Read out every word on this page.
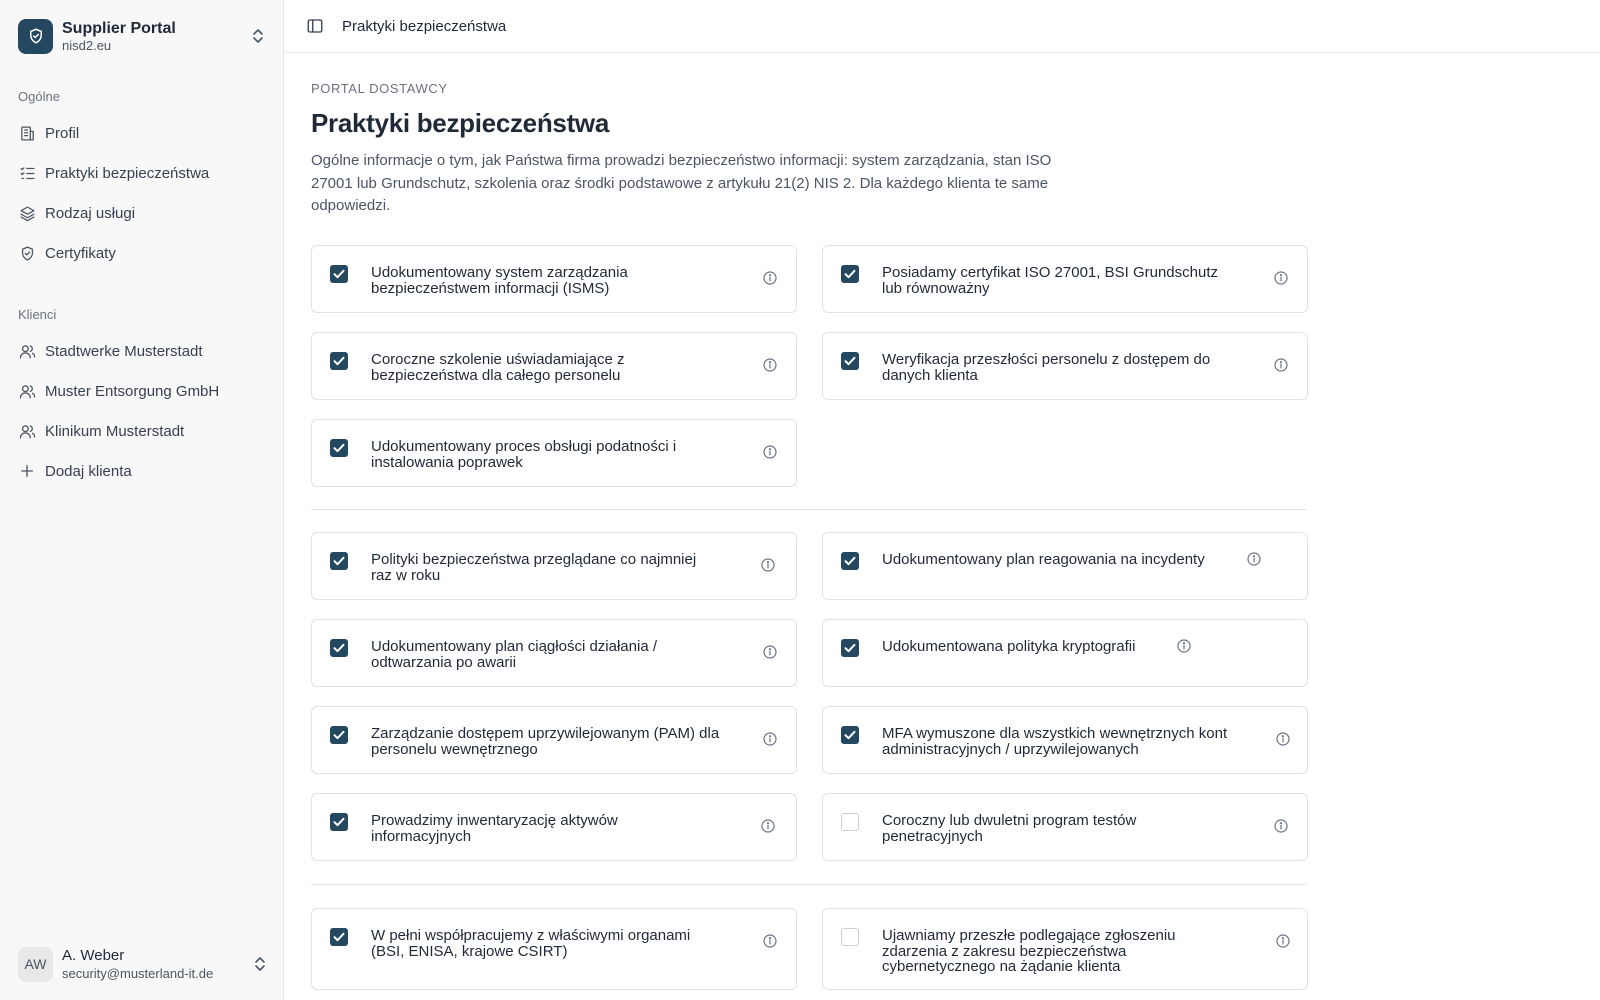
Supplier Portal
nisd2.eu
Ogólne
Profil
Praktyki bezpieczeństwa
Rodzaj usługi
Certyfikaty
Klienci
Stadtwerke Musterstadt
Muster Entsorgung GmbH
Klinikum Musterstadt
Dodaj klienta
AW
A. Weber
security@musterland-it.de
Praktyki bezpieczeństwa
PORTAL DOSTAWCY
Praktyki bezpieczeństwa

Ogólne informacje o tym, jak Państwa firma prowadzi bezpieczeństwo informacji: system zarządzania, stan ISO 27001 lub Grundschutz, szkolenia oraz środki podstawowe z artykułu 21(2) NIS 2. Dla każdego klienta te same odpowiedzi.

Udokumentowany system zarządzania
bezpieczeństwem informacji (ISMS)
Posiadamy certyfikat ISO 27001, BSI Grundschutz
lub równoważny
Coroczne szkolenie uświadamiające z
bezpieczeństwa dla całego personelu
Weryfikacja przeszłości personelu z dostępem do
danych klienta
Udokumentowany proces obsługi podatności i
instalowania poprawek
Polityki bezpieczeństwa przeglądane co najmniej
raz w roku
Udokumentowany plan reagowania na incydenty
Udokumentowany plan ciągłości działania /
odtwarzania po awarii
Udokumentowana polityka kryptografii
Zarządzanie dostępem uprzywilejowanym (PAM) dla
personelu wewnętrznego
MFA wymuszone dla wszystkich wewnętrznych kont
administracyjnych / uprzywilejowanych
Prowadzimy inwentaryzację aktywów
informacyjnych
Coroczny lub dwuletni program testów
penetracyjnych
W pełni współpracujemy z właściwymi organami
(BSI, ENISA, krajowe CSIRT)
Ujawniamy przeszłe podlegające zgłoszeniu
zdarzenia z zakresu bezpieczeństwa
cybernetycznego na żądanie klienta
